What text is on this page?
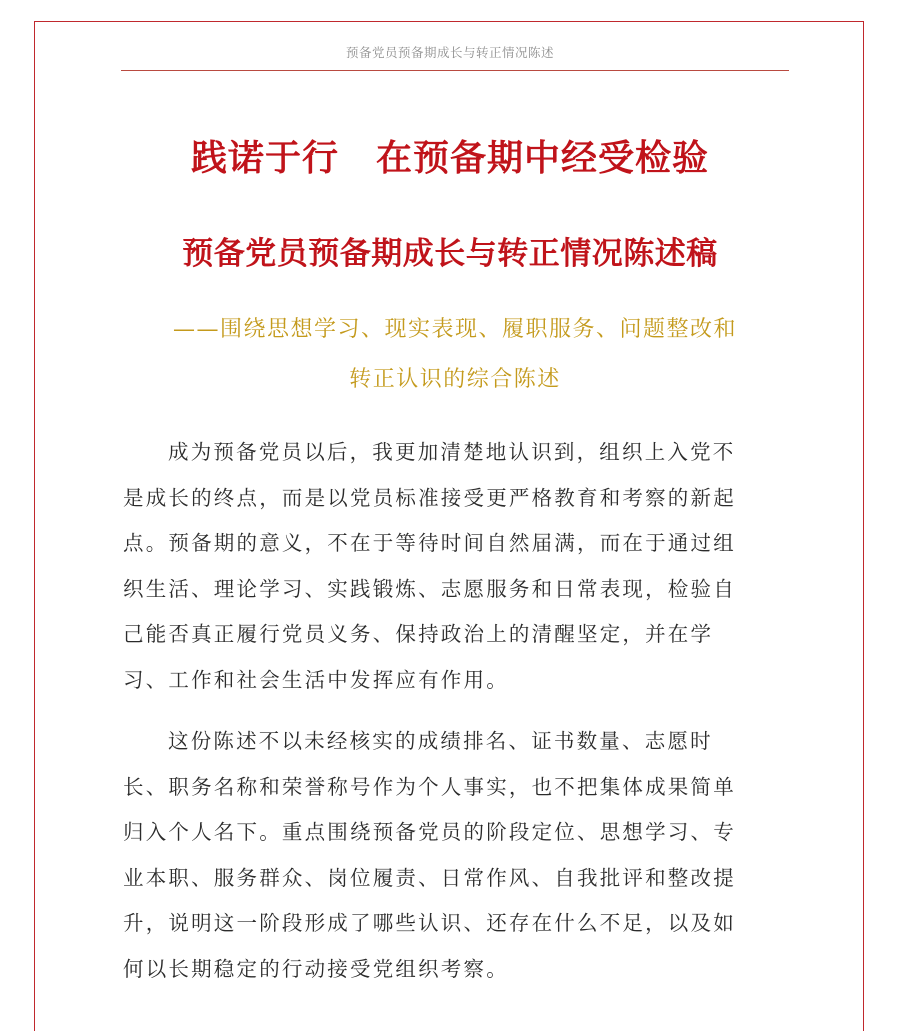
预备党员预备期成长与转正情况陈述
践诺于行　在预备期中经受检验
预备党员预备期成长与转正情况陈述稿
——围绕思想学习、现实表现、履职服务、问题整改和
转正认识的综合陈述
成为预备党员以后，我更加清楚地认识到，组织上入党不
是成长的终点，而是以党员标准接受更严格教育和考察的新起
点。预备期的意义，不在于等待时间自然届满，而在于通过组
织生活、理论学习、实践锻炼、志愿服务和日常表现，检验自
己能否真正履行党员义务、保持政治上的清醒坚定，并在学
习、工作和社会生活中发挥应有作用。
这份陈述不以未经核实的成绩排名、证书数量、志愿时
长、职务名称和荣誉称号作为个人事实，也不把集体成果简单
归入个人名下。重点围绕预备党员的阶段定位、思想学习、专
业本职、服务群众、岗位履责、日常作风、自我批评和整改提
升，说明这一阶段形成了哪些认识、还存在什么不足，以及如
何以长期稳定的行动接受党组织考察。
